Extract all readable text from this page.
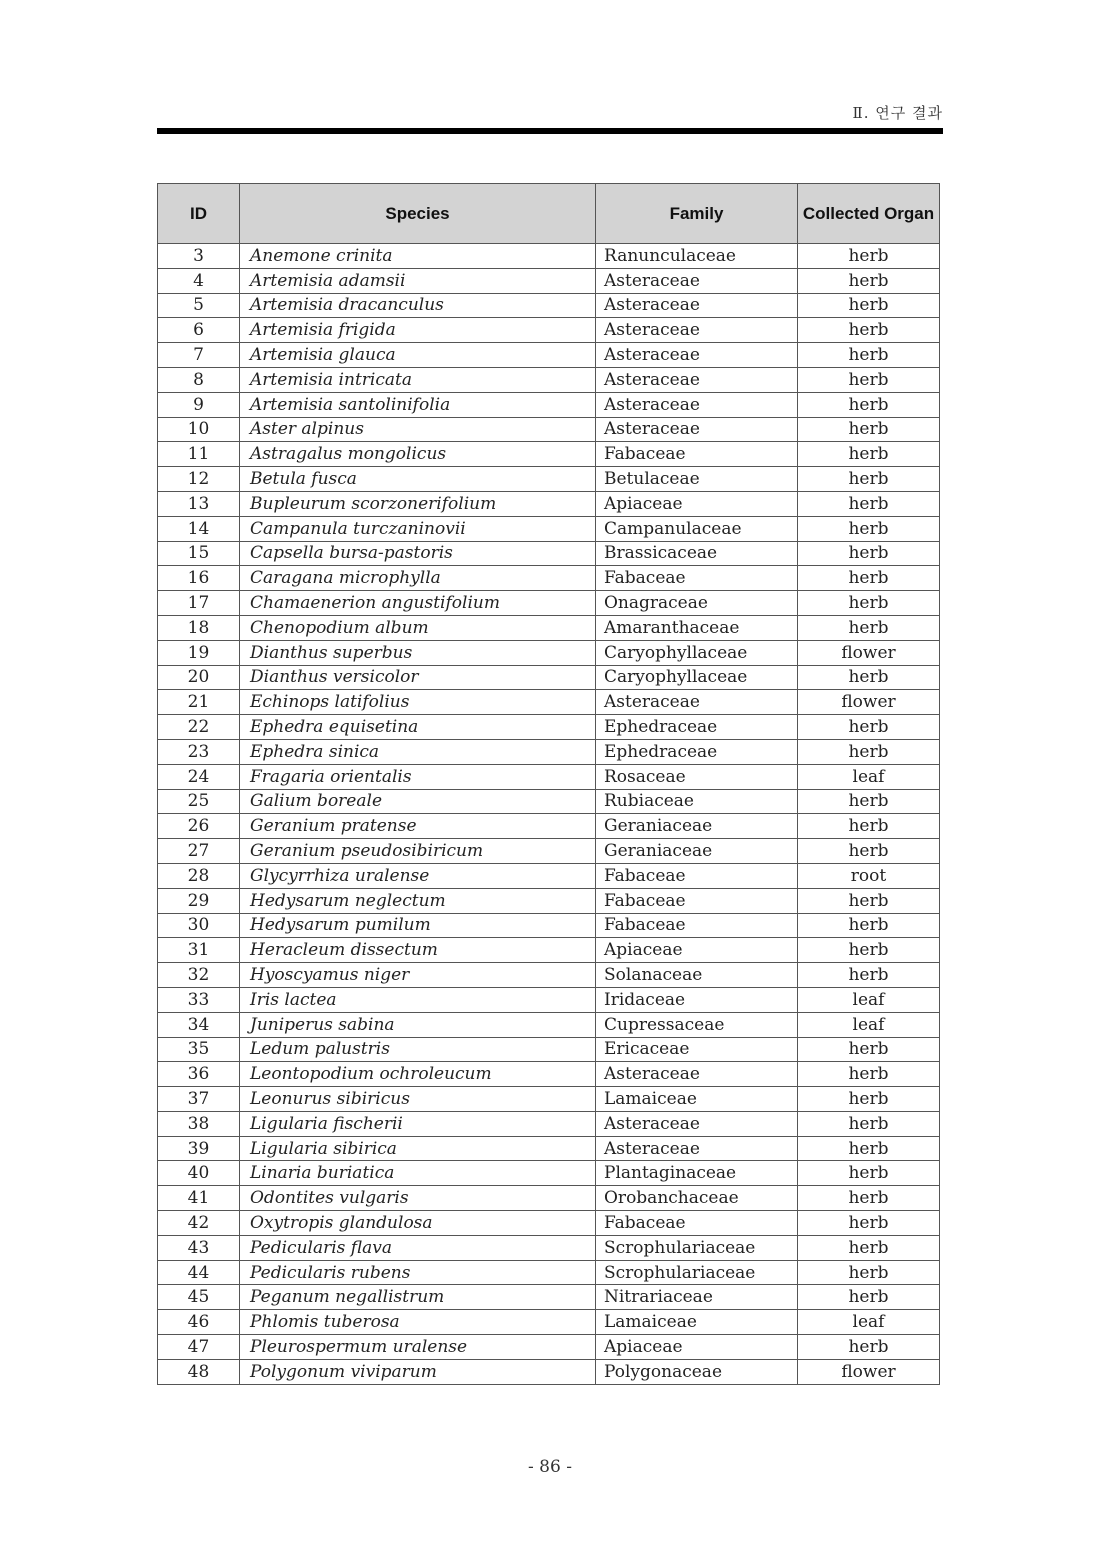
Ⅱ. 연구 결과
ID	Species	Family	Collected Organ
3	Anemone crinita	Ranunculaceae	herb
4	Artemisia adamsii	Asteraceae	herb
5	Artemisia dracanculus	Asteraceae	herb
6	Artemisia frigida	Asteraceae	herb
7	Artemisia glauca	Asteraceae	herb
8	Artemisia intricata	Asteraceae	herb
9	Artemisia santolinifolia	Asteraceae	herb
10	Aster alpinus	Asteraceae	herb
11	Astragalus mongolicus	Fabaceae	herb
12	Betula fusca	Betulaceae	herb
13	Bupleurum scorzonerifolium	Apiaceae	herb
14	Campanula turczaninovii	Campanulaceae	herb
15	Capsella bursa-pastoris	Brassicaceae	herb
16	Caragana microphylla	Fabaceae	herb
17	Chamaenerion angustifolium	Onagraceae	herb
18	Chenopodium album	Amaranthaceae	herb
19	Dianthus superbus	Caryophyllaceae	flower
20	Dianthus versicolor	Caryophyllaceae	herb
21	Echinops latifolius	Asteraceae	flower
22	Ephedra equisetina	Ephedraceae	herb
23	Ephedra sinica	Ephedraceae	herb
24	Fragaria orientalis	Rosaceae	leaf
25	Galium boreale	Rubiaceae	herb
26	Geranium pratense	Geraniaceae	herb
27	Geranium pseudosibiricum	Geraniaceae	herb
28	Glycyrrhiza uralense	Fabaceae	root
29	Hedysarum neglectum	Fabaceae	herb
30	Hedysarum pumilum	Fabaceae	herb
31	Heracleum dissectum	Apiaceae	herb
32	Hyoscyamus niger	Solanaceae	herb
33	Iris lactea	Iridaceae	leaf
34	Juniperus sabina	Cupressaceae	leaf
35	Ledum palustris	Ericaceae	herb
36	Leontopodium ochroleucum	Asteraceae	herb
37	Leonurus sibiricus	Lamaiceae	herb
38	Ligularia fischerii	Asteraceae	herb
39	Ligularia sibirica	Asteraceae	herb
40	Linaria buriatica	Plantaginaceae	herb
41	Odontites vulgaris	Orobanchaceae	herb
42	Oxytropis glandulosa	Fabaceae	herb
43	Pedicularis flava	Scrophulariaceae	herb
44	Pedicularis rubens	Scrophulariaceae	herb
45	Peganum negallistrum	Nitrariaceae	herb
46	Phlomis tuberosa	Lamaiceae	leaf
47	Pleurospermum uralense	Apiaceae	herb
48	Polygonum viviparum	Polygonaceae	flower
- 86 -
